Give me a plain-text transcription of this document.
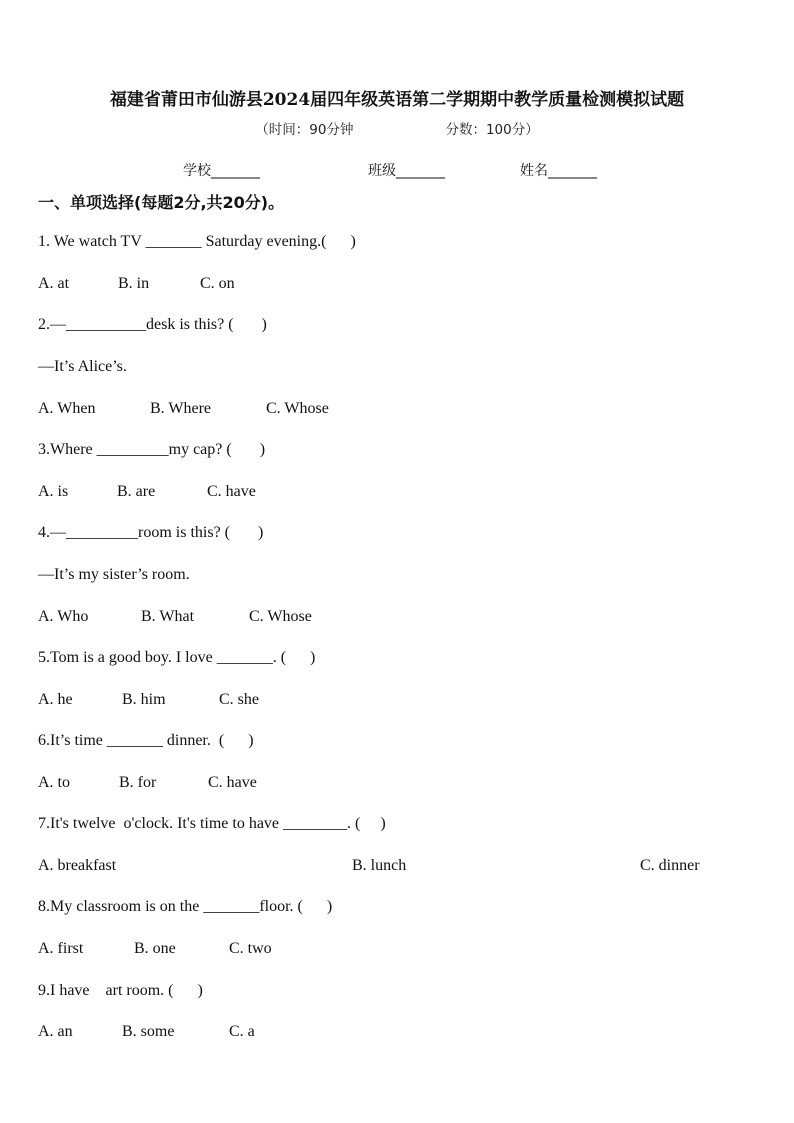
福建省莆田市仙游县2024届四年级英语第二学期期中教学质量检测模拟试题
（时间：90分钟	分数：100分）
学校_______	班级_______	姓名_______
一、单项选择(每题2分,共20分)。
1. We watch TV _______ Saturday evening.(      )
A. at	B. in	C. on
2.—__________desk is this? (       )
—It’s Alice’s.
A. When	B. Where	C. Whose
3.Where _________my cap? (       )
A. is	B. are	C. have
4.—_________room is this? (       )
—It’s my sister’s room.
A. Who	B. What	C. Whose
5.Tom is a good boy. I love _______. (      )
A. he	B. him	C. she
6.It’s time _______ dinner.  (      )
A. to	B. for	C. have
7.It's twelve  o'clock. It's time to have ________. (     )
A. breakfast	B. lunch	C. dinner
8.My classroom is on the _______floor. (      )
A. first	B. one	C. two
9.I have    art room. (      )
A. an	B. some	C. a
